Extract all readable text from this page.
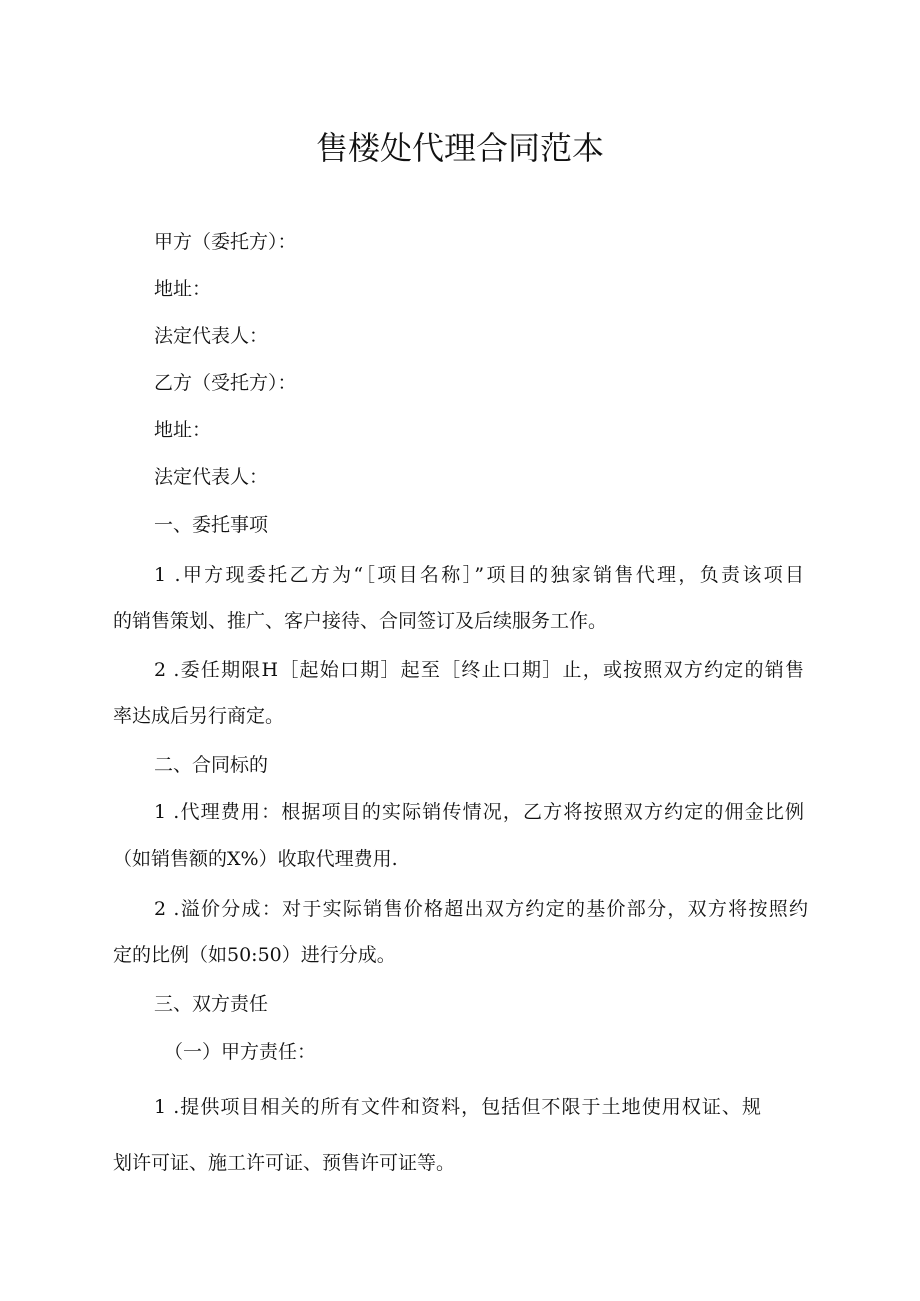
售楼处代理合同范本
甲方（委托方）：
地址：
法定代表人：
乙方（受托方）：
地址：
法定代表人：
一、委托事项
1 .甲方现委托乙方为“［项目名称］”项目的独家销售代理，负责该项目
的销售策划、推广、客户接待、合同签订及后续服务工作。
2 .委任期限H［起始口期］起至［终止口期］止，或按照双方约定的销售
率达成后另行商定。
二、合同标的
1 .代理费用：根据项目的实际销传情况，乙方将按照双方约定的佣金比例
（如销售额的X%）收取代理费用.
2 .溢价分成：对于实际销售价格超出双方约定的基价部分，双方将按照约
定的比例（如50:50）进行分成。
三、双方责任
（一）甲方责任：
1 .提供项目相关的所有文件和资料，包括但不限于土地使用权证、规
划许可证、施工许可证、预售许可证等。
